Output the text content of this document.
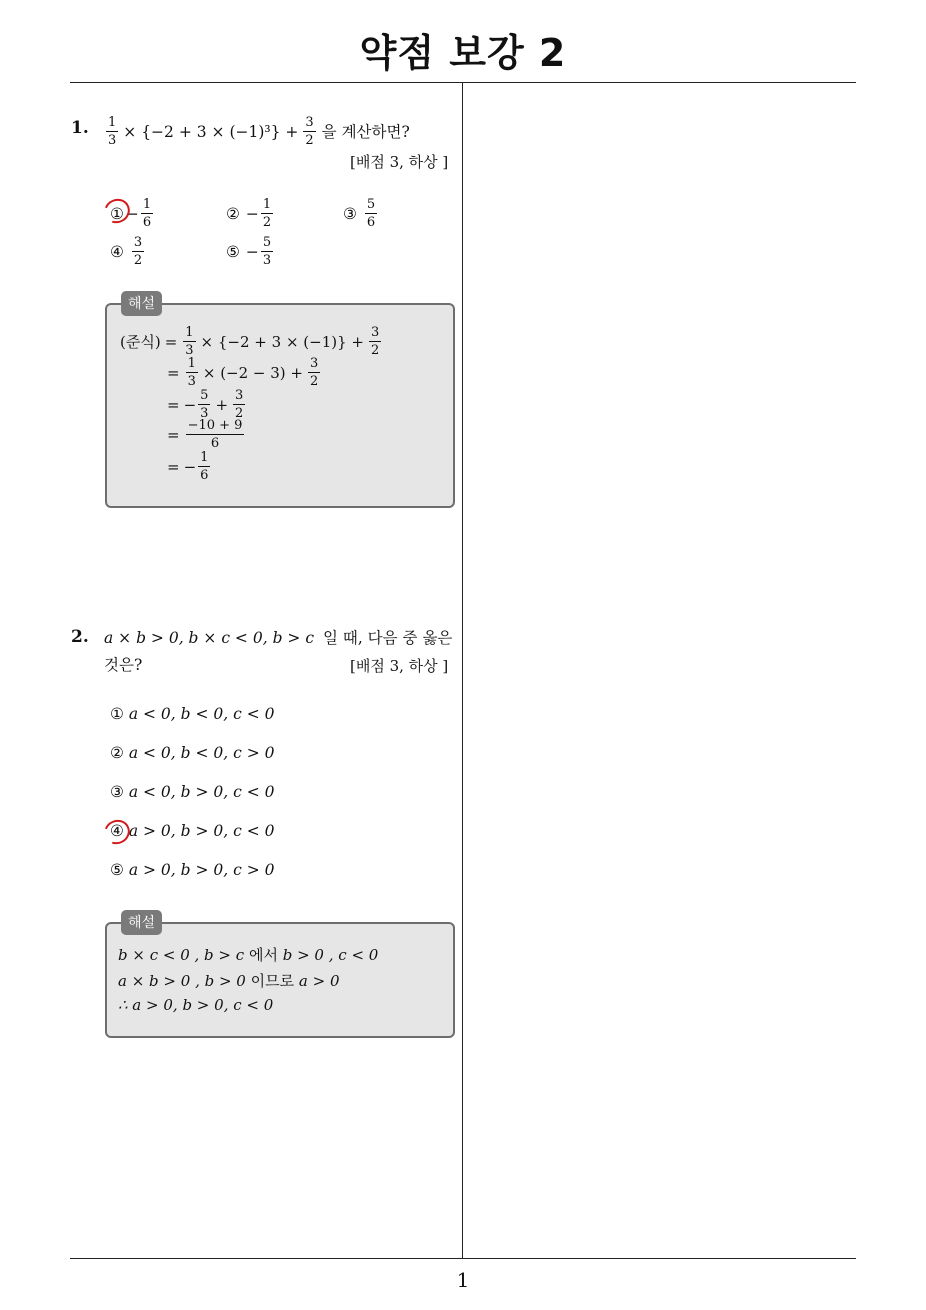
약점 보강 2
1
1. $\frac{1}{3} \times \{-2 + 3 \times (-1)^3\} + \frac{3}{2}$ 을 계산하면?
[배점 3, 하상 ]
① − $\frac{1}{6}$	② − $\frac{1}{2}$	③ $\frac{5}{6}$
④ $\frac{3}{2}$	⑤ − $\frac{5}{3}$
해설
(준식) = $\frac{1}{3} \times \{-2 + 3 \times (-1)\} + \frac{3}{2}$
= $\frac{1}{3} \times (-2 - 3) + \frac{3}{2}$
= − $\frac{5}{3} + \frac{3}{2}$
= $\frac{-10 + 9}{6}$
= − $\frac{1}{6}$
2. a × b > 0, b × c < 0, b > c 일 때, 다음 중 옳은
것은?	[배점 3, 하상 ]
① a < 0, b < 0, c < 0
② a < 0, b < 0, c > 0
③ a < 0, b > 0, c < 0
④ a > 0, b > 0, c < 0
⑤ a > 0, b > 0, c > 0
해설
b × c < 0 , b > c 에서 b > 0 , c < 0
a × b > 0 , b > 0 이므로 a > 0
∴ a > 0, b > 0, c < 0
